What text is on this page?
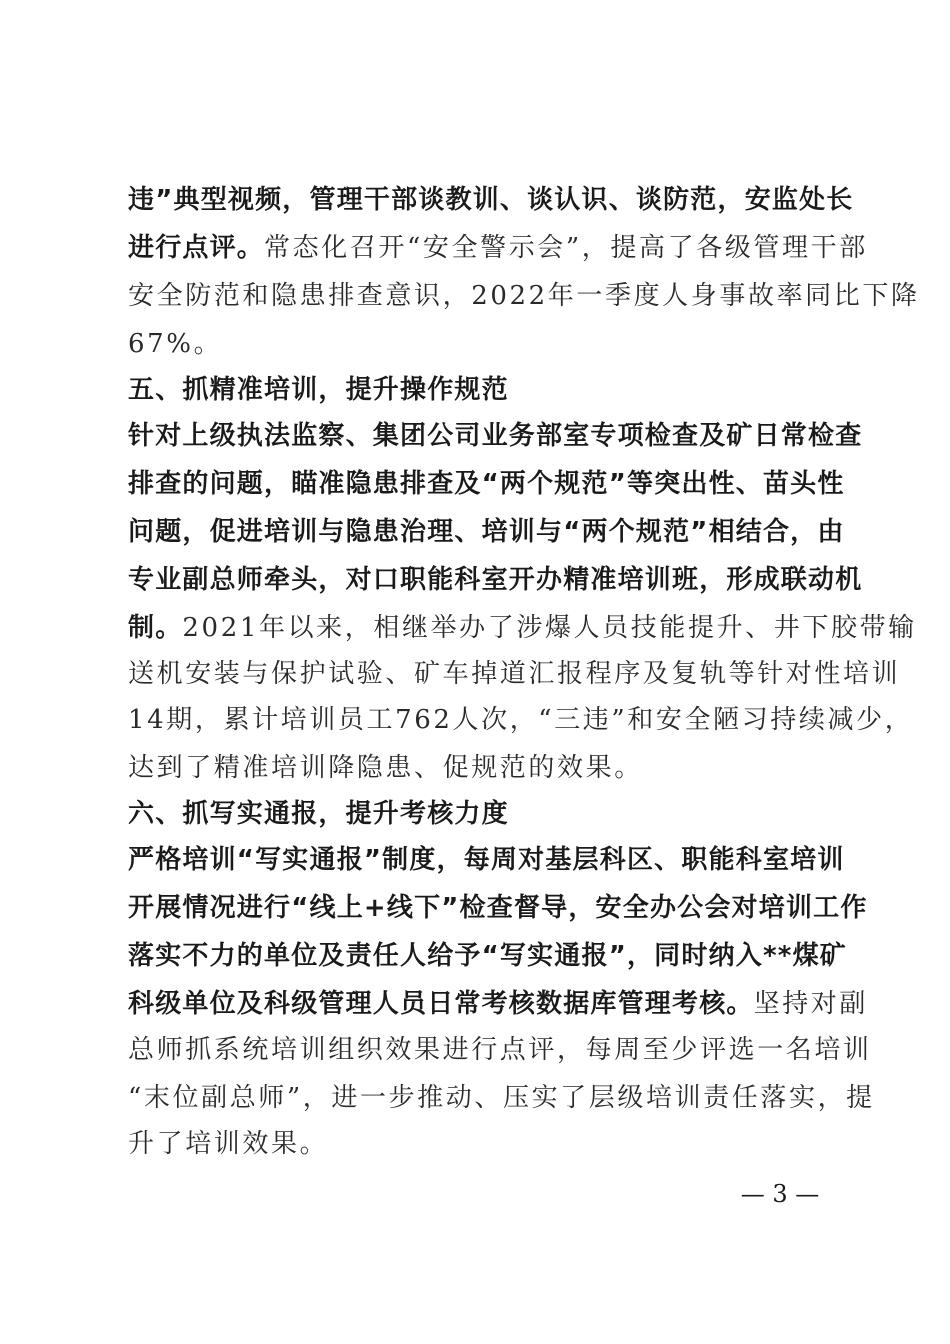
违”典型视频，管理干部谈教训、谈认识、谈防范，安监处长
进行点评。常态化召开“安全警示会”，提高了各级管理干部
安全防范和隐患排查意识，2022年一季度人身事故率同比下降
67%。
五、抓精准培训，提升操作规范
针对上级执法监察、集团公司业务部室专项检查及矿日常检查
排查的问题，瞄准隐患排查及“两个规范”等突出性、苗头性
问题，促进培训与隐患治理、培训与“两个规范”相结合，由
专业副总师牵头，对口职能科室开办精准培训班，形成联动机
制。2021年以来，相继举办了涉爆人员技能提升、井下胶带输
送机安装与保护试验、矿车掉道汇报程序及复轨等针对性培训
14期，累计培训员工762人次，“三违”和安全陋习持续减少，
达到了精准培训降隐患、促规范的效果。
六、抓写实通报，提升考核力度
严格培训“写实通报”制度，每周对基层科区、职能科室培训
开展情况进行“线上+线下”检查督导，安全办公会对培训工作
落实不力的单位及责任人给予“写实通报”，同时纳入**煤矿
科级单位及科级管理人员日常考核数据库管理考核。坚持对副
总师抓系统培训组织效果进行点评，每周至少评选一名培训
“末位副总师”，进一步推动、压实了层级培训责任落实，提
升了培训效果。
— 3 —
